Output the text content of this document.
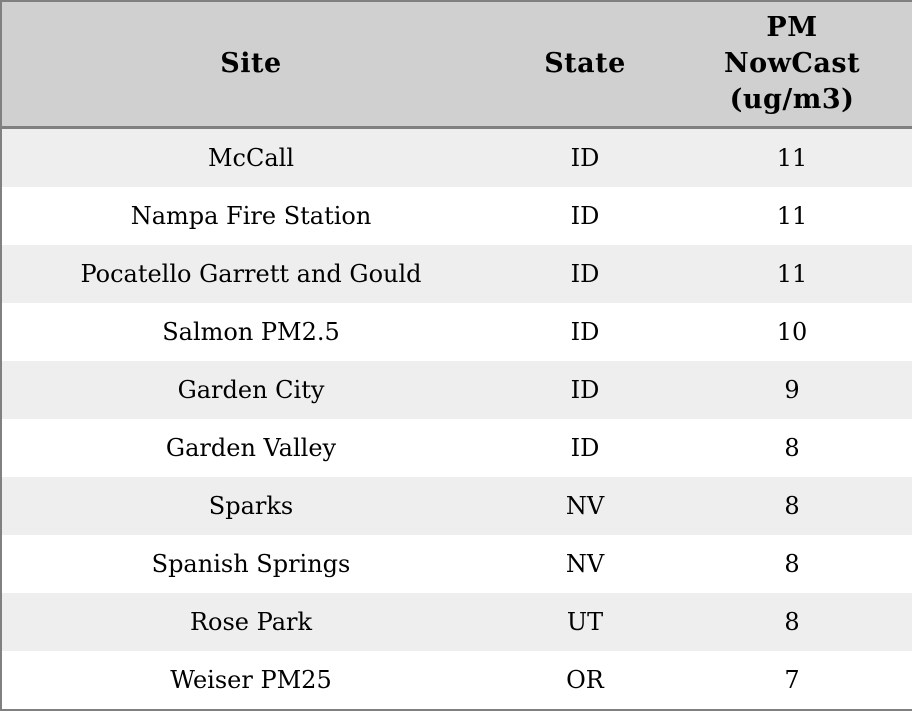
Site	State	PM NowCast (ug/m3)
McCall	ID	11
Nampa Fire Station	ID	11
Pocatello Garrett and Gould	ID	11
Salmon PM2.5	ID	10
Garden City	ID	9
Garden Valley	ID	8
Sparks	NV	8
Spanish Springs	NV	8
Rose Park	UT	8
Weiser PM25	OR	7
